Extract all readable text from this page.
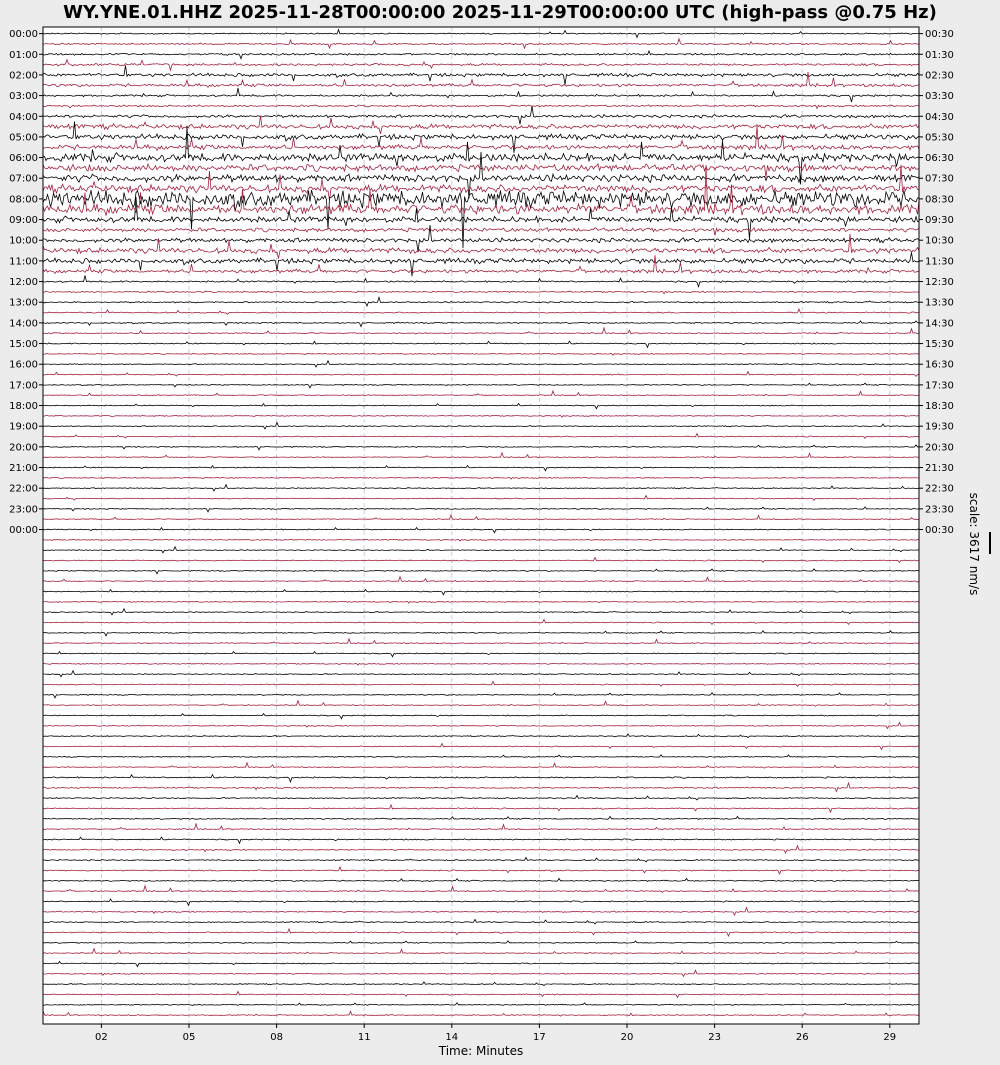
WY.YNE.01.HHZ 2025-11-28T00:00:00 2025-11-29T00:00:00 UTC (high-pass @0.75 Hz)
02	05	08	11	14	17	20	23	26	29
00:00
01:00
02:00
03:00
04:00
05:00
06:00
07:00
08:00
09:00
10:00
11:00
12:00
13:00
14:00
15:00
16:00
17:00
18:00
19:00
20:00
21:00
22:00
23:00
00:00
00:30
01:30
02:30
03:30
04:30
05:30
06:30
07:30
08:30
09:30
10:30
11:30
12:30
13:30
14:30
15:30
16:30
17:30
18:30
19:30
20:30
21:30
22:30
23:30
00:30
Time: Minutes
scale: 3617 nm/s
